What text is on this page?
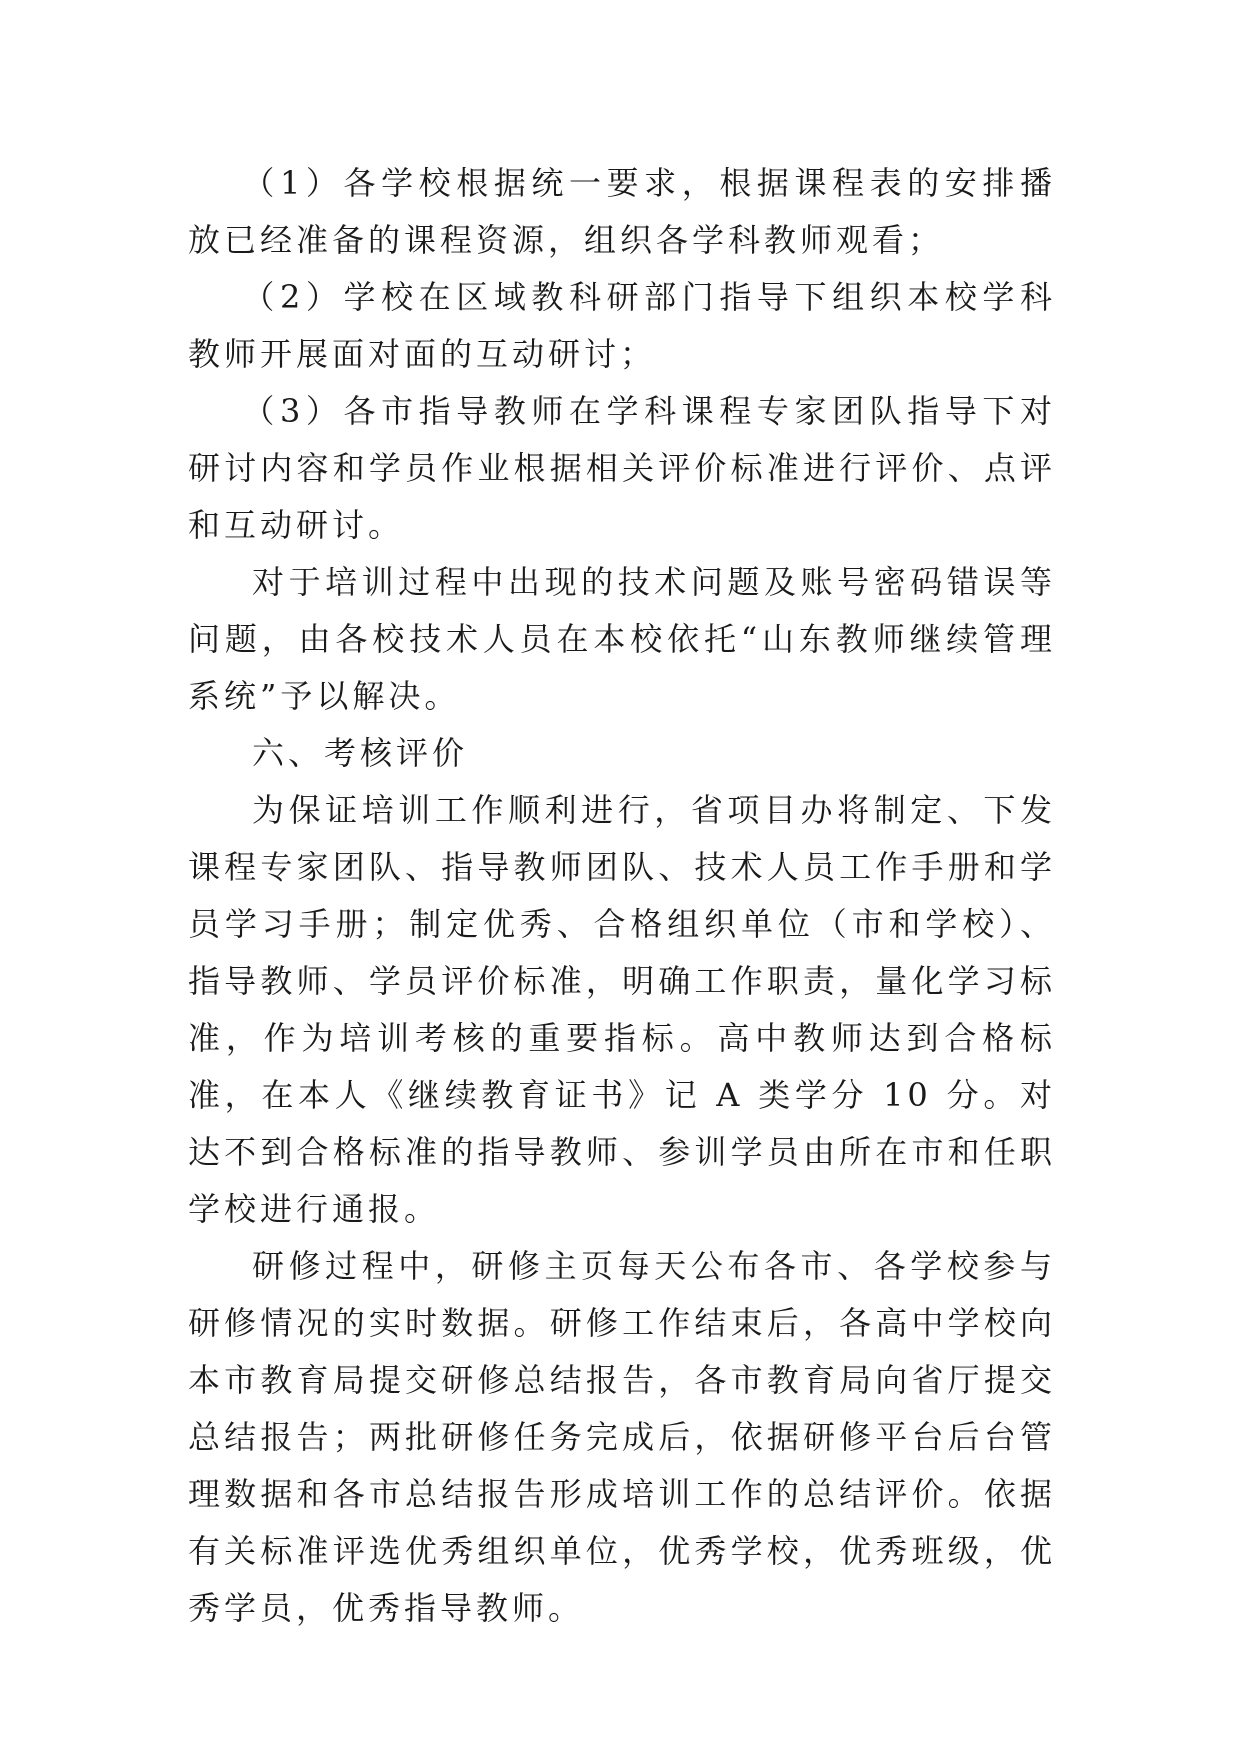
（1）各学校根据统一要求，根据课程表的安排播放已经准备的课程资源，组织各学科教师观看；

（2）学校在区域教科研部门指导下组织本校学科教师开展面对面的互动研讨；

（3）各市指导教师在学科课程专家团队指导下对研讨内容和学员作业根据相关评价标准进行评价、点评和互动研讨。

对于培训过程中出现的技术问题及账号密码错误等问题，由各校技术人员在本校依托“山东教师继续管理系统”予以解决。

六、考核评价

为保证培训工作顺利进行，省项目办将制定、下发课程专家团队、指导教师团队、技术人员工作手册和学员学习手册；制定优秀、合格组织单位（市和学校）、指导教师、学员评价标准，明确工作职责，量化学习标准，作为培训考核的重要指标。高中教师达到合格标准，在本人《继续教育证书》记 A 类学分 10 分。对达不到合格标准的指导教师、参训学员由所在市和任职学校进行通报。

研修过程中，研修主页每天公布各市、各学校参与研修情况的实时数据。研修工作结束后，各高中学校向本市教育局提交研修总结报告，各市教育局向省厅提交总结报告；两批研修任务完成后，依据研修平台后台管理数据和各市总结报告形成培训工作的总结评价。依据有关标准评选优秀组织单位，优秀学校，优秀班级，优秀学员，优秀指导教师。
